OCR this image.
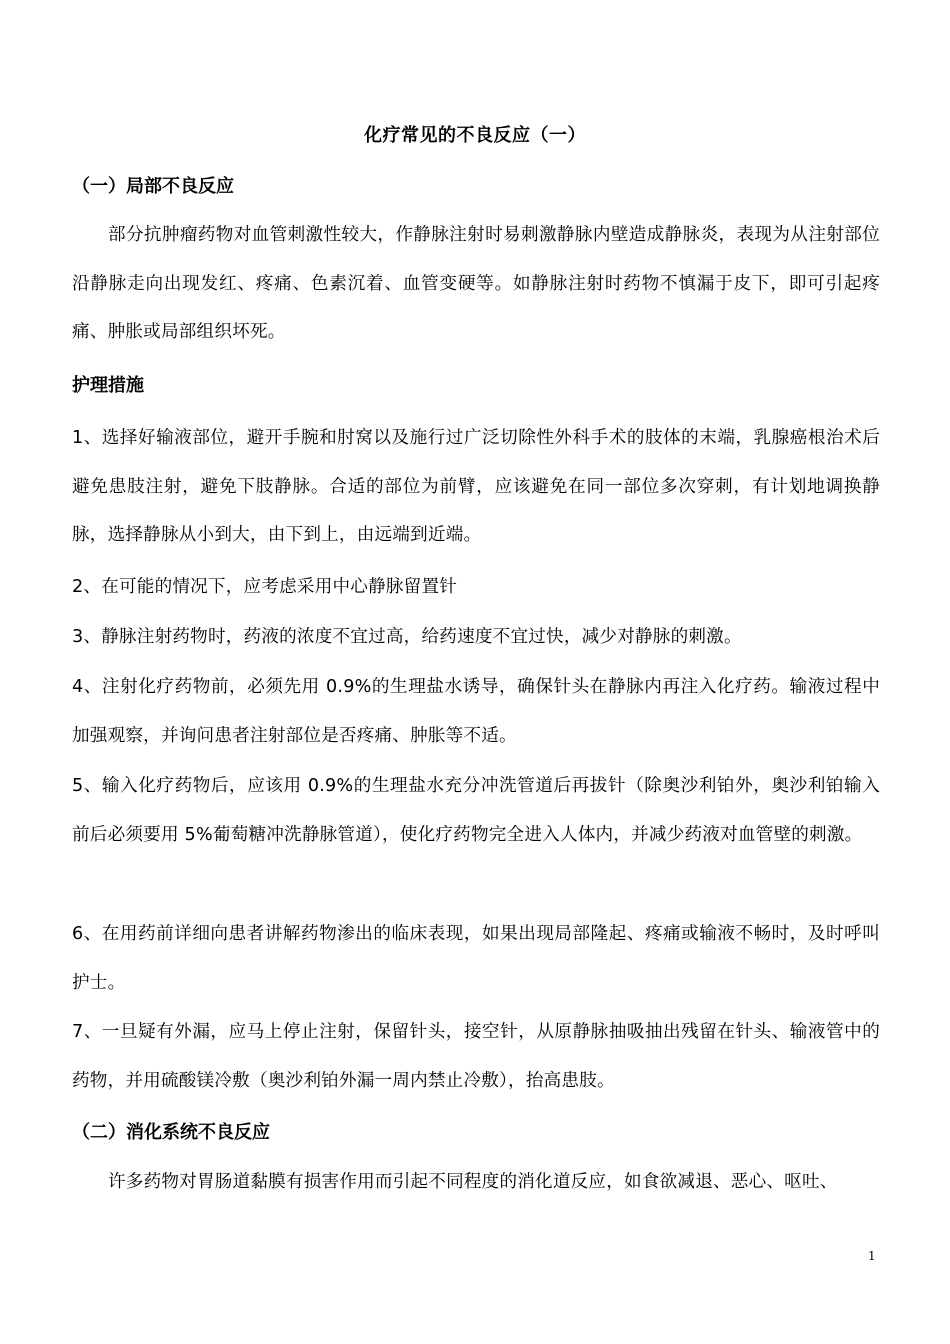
化疗常见的不良反应（一）
（一）局部不良反应

部分抗肿瘤药物对血管刺激性较大，作静脉注射时易刺激静脉内壁造成静脉炎，表现为从注射部位沿静脉走向出现发红、疼痛、色素沉着、血管变硬等。如静脉注射时药物不慎漏于皮下，即可引起疼痛、肿胀或局部组织坏死。

护理措施

1、选择好输液部位，避开手腕和肘窝以及施行过广泛切除性外科手术的肢体的末端，乳腺癌根治术后避免患肢注射，避免下肢静脉。合适的部位为前臂，应该避免在同一部位多次穿刺，有计划地调换静脉，选择静脉从小到大，由下到上，由远端到近端。

2、在可能的情况下，应考虑采用中心静脉留置针

3、静脉注射药物时，药液的浓度不宜过高，给药速度不宜过快，减少对静脉的刺激。

4、注射化疗药物前，必须先用 0.9%的生理盐水诱导，确保针头在静脉内再注入化疗药。输液过程中加强观察，并询问患者注射部位是否疼痛、肿胀等不适。

5、输入化疗药物后，应该用 0.9%的生理盐水充分冲洗管道后再拔针（除奥沙利铂外，奥沙利铂输入前后必须要用 5%葡萄糖冲洗静脉管道），使化疗药物完全进入人体内，并减少药液对血管壁的刺激。

6、在用药前详细向患者讲解药物渗出的临床表现，如果出现局部隆起、疼痛或输液不畅时，及时呼叫护士。

7、一旦疑有外漏，应马上停止注射，保留针头，接空针，从原静脉抽吸抽出残留在针头、输液管中的药物，并用硫酸镁冷敷（奥沙利铂外漏一周内禁止冷敷），抬高患肢。

（二）消化系统不良反应

许多药物对胃肠道黏膜有损害作用而引起不同程度的消化道反应，如食欲减退、恶心、呕吐、

1
